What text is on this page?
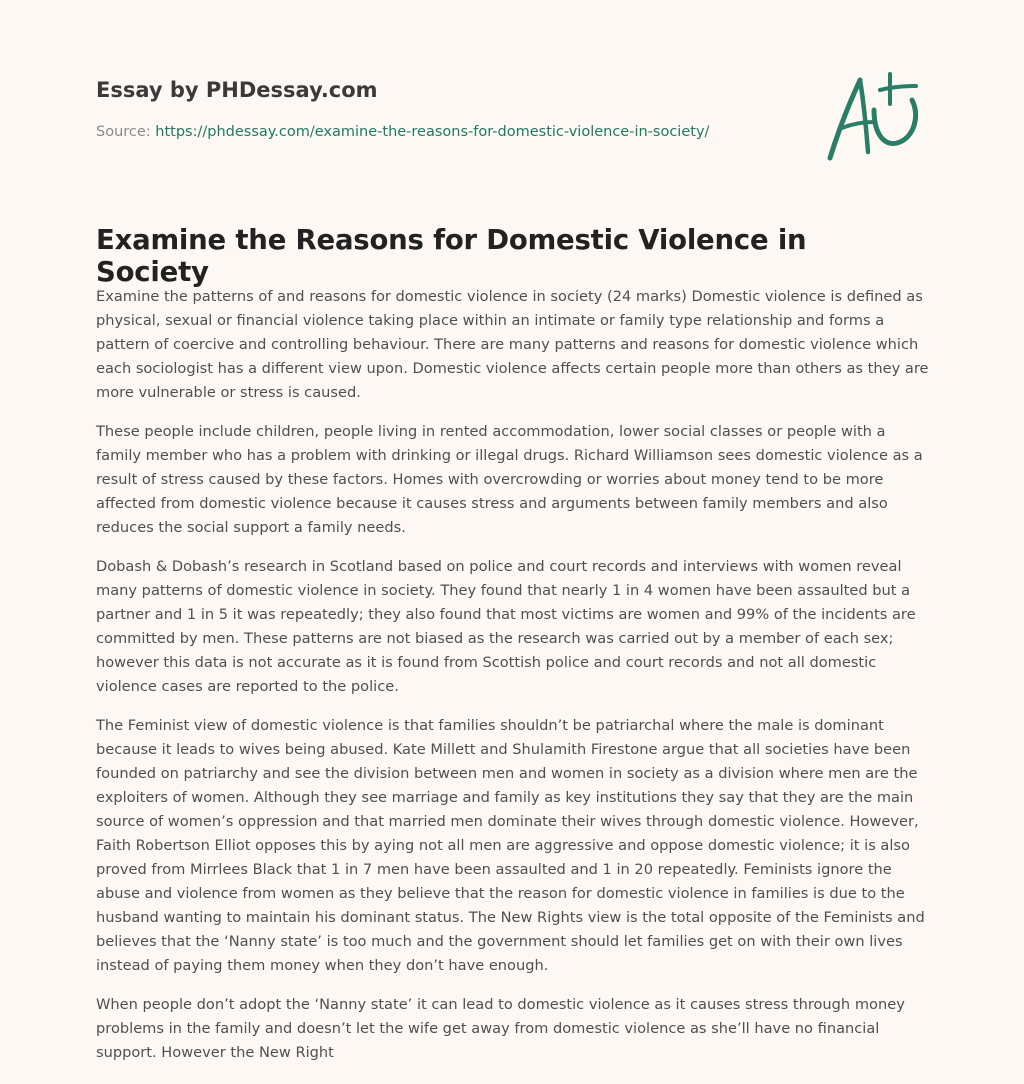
Essay by PHDessay.com

Source: https://phdessay.com/examine-the-reasons-for-domestic-violence-in-society/

Examine the Reasons for Domestic Violence in Society

Examine the patterns of and reasons for domestic violence in society (24 marks) Domestic violence is defined as physical, sexual or financial violence taking place within an intimate or family type relationship and forms a pattern of coercive and controlling behaviour. There are many patterns and reasons for domestic violence which each sociologist has a different view upon. Domestic violence affects certain people more than others as they are more vulnerable or stress is caused.

These people include children, people living in rented accommodation, lower social classes or people with a family member who has a problem with drinking or illegal drugs. Richard Williamson sees domestic violence as a result of stress caused by these factors. Homes with overcrowding or worries about money tend to be more affected from domestic violence because it causes stress and arguments between family members and also reduces the social support a family needs.

Dobash & Dobash’s research in Scotland based on police and court records and interviews with women reveal many patterns of domestic violence in society. They found that nearly 1 in 4 women have been assaulted but a partner and 1 in 5 it was repeatedly; they also found that most victims are women and 99% of the incidents are committed by men. These patterns are not biased as the research was carried out by a member of each sex; however this data is not accurate as it is found from Scottish police and court records and not all domestic violence cases are reported to the police.

The Feminist view of domestic violence is that families shouldn’t be patriarchal where the male is dominant because it leads to wives being abused. Kate Millett and Shulamith Firestone argue that all societies have been founded on patriarchy and see the division between men and women in society as a division where men are the exploiters of women. Although they see marriage and family as key institutions they say that they are the main source of women’s oppression and that married men dominate their wives through domestic violence. However, Faith Robertson Elliot opposes this by aying not all men are aggressive and oppose domestic violence; it is also proved from Mirrlees Black that 1 in 7 men have been assaulted and 1 in 20 repeatedly. Feminists ignore the abuse and violence from women as they believe that the reason for domestic violence in families is due to the husband wanting to maintain his dominant status. The New Rights view is the total opposite of the Feminists and believes that the ‘Nanny state’ is too much and the government should let families get on with their own lives instead of paying them money when they don’t have enough.

When people don’t adopt the ‘Nanny state’ it can lead to domestic violence as it causes stress through money problems in the family and doesn’t let the wife get away from domestic violence as she’ll have no financial support. However the New Right
